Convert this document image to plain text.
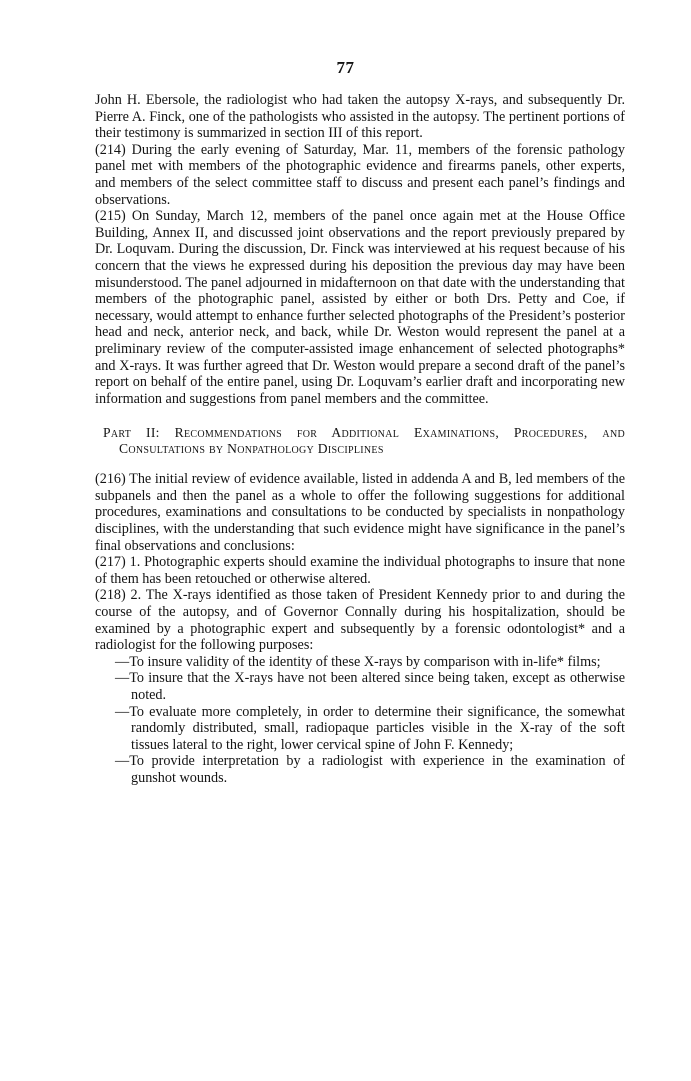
77

John H. Ebersole, the radiologist who had taken the autopsy X-rays, and subsequently Dr. Pierre A. Finck, one of the pathologists who assisted in the autopsy. The pertinent portions of their testimony is summarized in section III of this report.

(214) During the early evening of Saturday, Mar. 11, members of the forensic pathology panel met with members of the photographic evidence and firearms panels, other experts, and members of the select committee staff to discuss and present each panel’s findings and observations.

(215) On Sunday, March 12, members of the panel once again met at the House Office Building, Annex II, and discussed joint observations and the report previously prepared by Dr. Loquvam. During the discussion, Dr. Finck was interviewed at his request because of his concern that the views he expressed during his deposition the previous day may have been misunderstood. The panel adjourned in midafternoon on that date with the understanding that members of the photographic panel, assisted by either or both Drs. Petty and Coe, if necessary, would attempt to enhance further selected photographs of the President’s posterior head and neck, anterior neck, and back, while Dr. Weston would represent the panel at a preliminary review of the computer-assisted image enhancement of selected photographs* and X-rays. It was further agreed that Dr. Weston would prepare a second draft of the panel’s report on behalf of the entire panel, using Dr. Loquvam’s earlier draft and incorporating new information and suggestions from panel members and the committee.

Part II: Recommendations for Additional Examinations, Procedures, and Consultations by Nonpathology Disciplines

(216) The initial review of evidence available, listed in addenda A and B, led members of the subpanels and then the panel as a whole to offer the following suggestions for additional procedures, examinations and consultations to be conducted by specialists in nonpathology disciplines, with the understanding that such evidence might have significance in the panel’s final observations and conclusions:

(217) 1. Photographic experts should examine the individual photographs to insure that none of them has been retouched or otherwise altered.

(218) 2. The X-rays identified as those taken of President Kennedy prior to and during the course of the autopsy, and of Governor Connally during his hospitalization, should be examined by a photographic expert and subsequently by a forensic odontologist* and a radiologist for the following purposes:

— To insure validity of the identity of these X-rays by comparison with in-life* films;
— To insure that the X-rays have not been altered since being taken, except as otherwise noted.
— To evaluate more completely, in order to determine their significance, the somewhat randomly distributed, small, radiopaque particles visible in the X-ray of the soft tissues lateral to the right, lower cervical spine of John F. Kennedy;
— To provide interpretation by a radiologist with experience in the examination of gunshot wounds.
